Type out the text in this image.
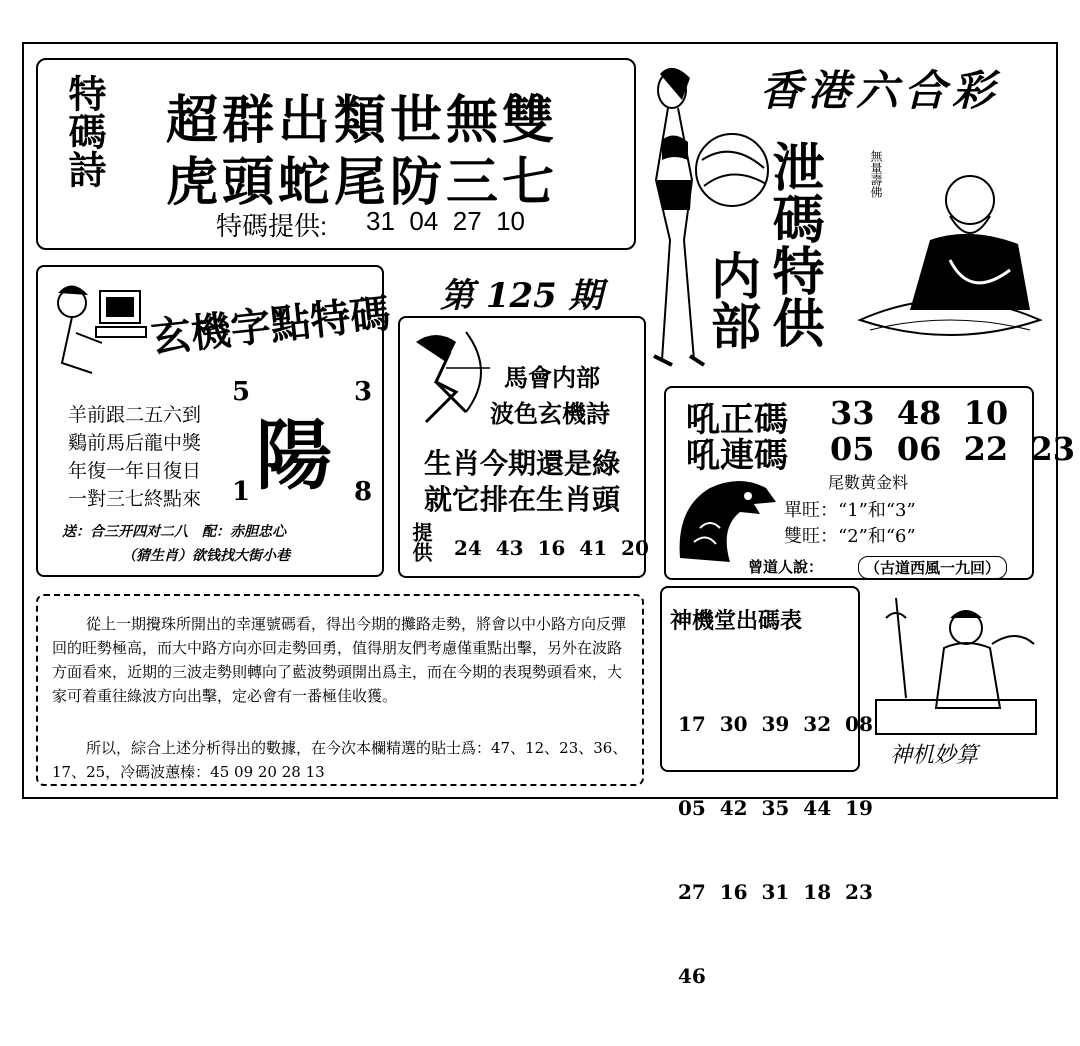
特碼詩 超群出類世無雙
虎頭蛇尾防三七
特碼提供: 31  04  27  10
香港六合彩
泄碼特供
内部
無量壽佛
第 125 期
玄機字點特碼
5	3
1	8
陽
羊前跟二五六到
鷄前馬后龍中獎
年復一年日復日
一對三七終點來
送：合三开四对二八　配：赤胆忠心
（猜生肖）欲钱找大街小巷
馬會内部
波色玄機詩
生肖今期還是綠
就它排在生肖頭
提供 24  43  16  41  20
吼正碼 33  48  10
吼連碼 05  06  22  23
尾數黄金料
單旺：“1”和“3”
雙旺：“2”和“6”
曾道人說：	（古道西風一九回）
神機堂出碼表

17  30  39  32  08

05  42  35  44  19

27  16  31  18  23

46

神机妙算
從上一期攪珠所開出的幸運號碼看，得出今期的攤路走勢，將會以中小路方向反彈回的旺勢極高，而大中路方向亦回走勢回勇，值得朋友們考慮僅重點出擊，另外在波路方面看來，近期的三波走勢則轉向了藍波勢頭開出爲主，而在今期的表現勢頭看來，大家可着重往綠波方向出擊，定必會有一番極佳收獲。
所以，綜合上述分析得出的數據，在今次本欄精選的貼士爲：47、12、23、36、17、25，冷碼波蕙榛：45 09 20 28 13
